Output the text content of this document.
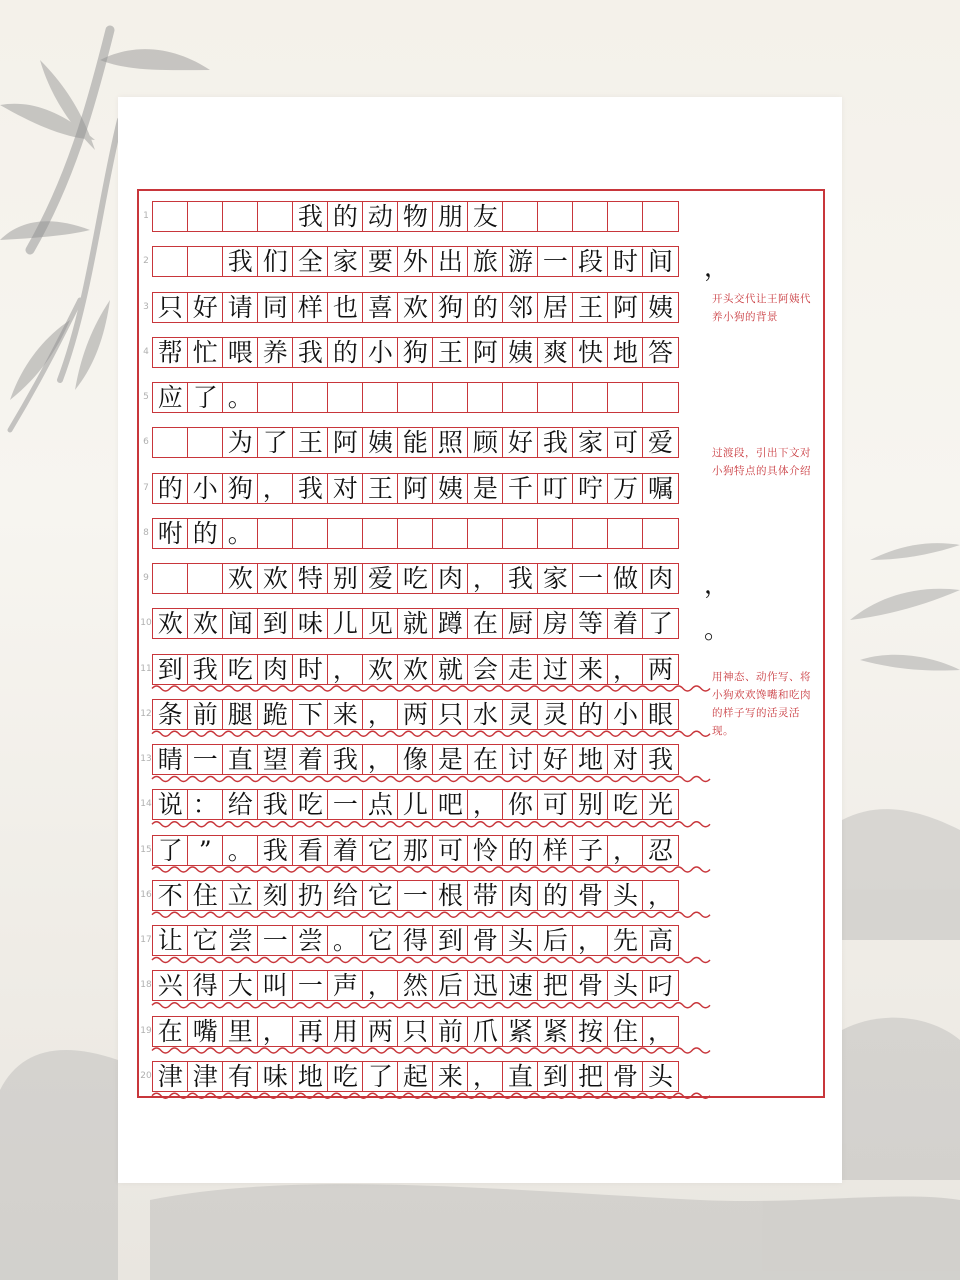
1	我 的 动 物 朋 友
2	我 们 全 家 要 外 出 旅 游 一 段 时 间 ，
3 只 好 请 同 样 也 喜 欢 狗 的 邻 居 王 阿 姨
4 帮 忙 喂 养 我 的 小 狗 王 阿 姨 爽 快 地 答
5 应 了 。
6	为 了 王 阿 姨 能 照 顾 好 我 家 可 爱
7 的 小 狗 ， 我 对 王 阿 姨 是 千 叮 咛 万 嘱
8 咐 的 。
9	欢 欢 特 别 爱 吃 肉 ， 我 家 一 做 肉 ，
10 欢 欢 闻 到 味 儿 见 就 蹲 在 厨 房 等 着 了 。
11 到 我 吃 肉 时 ， 欢 欢 就 会 走 过 来 ， 两
12 条 前 腿 跪 下 来 ， 两 只 水 灵 灵 的 小 眼
13 睛 一 直 望 着 我 ， 像 是 在 讨 好 地 对 我
14 说 ： 给 我 吃 一 点 儿 吧 ， 你 可 别 吃 光
15 了 ” 。 我 看 着 它 那 可 怜 的 样 子 ， 忍
16 不 住 立 刻 扔 给 它 一 根 带 肉 的 骨 头 ，
17 让 它 尝 一 尝 。 它 得 到 骨 头 后 ， 先 高
18 兴 得 大 叫 一 声 ， 然 后 迅 速 把 骨 头 叼
19 在 嘴 里 ， 再 用 两 只 前 爪 紧 紧 按 住 ，
20 津 津 有 味 地 吃 了 起 来 ， 直 到 把 骨 头
开头交代让王阿姨代养小狗的背景
过渡段，引出下文对小狗特点的具体介绍
用神态、动作写、将小狗欢欢馋嘴和吃肉的样子写的活灵活现。
